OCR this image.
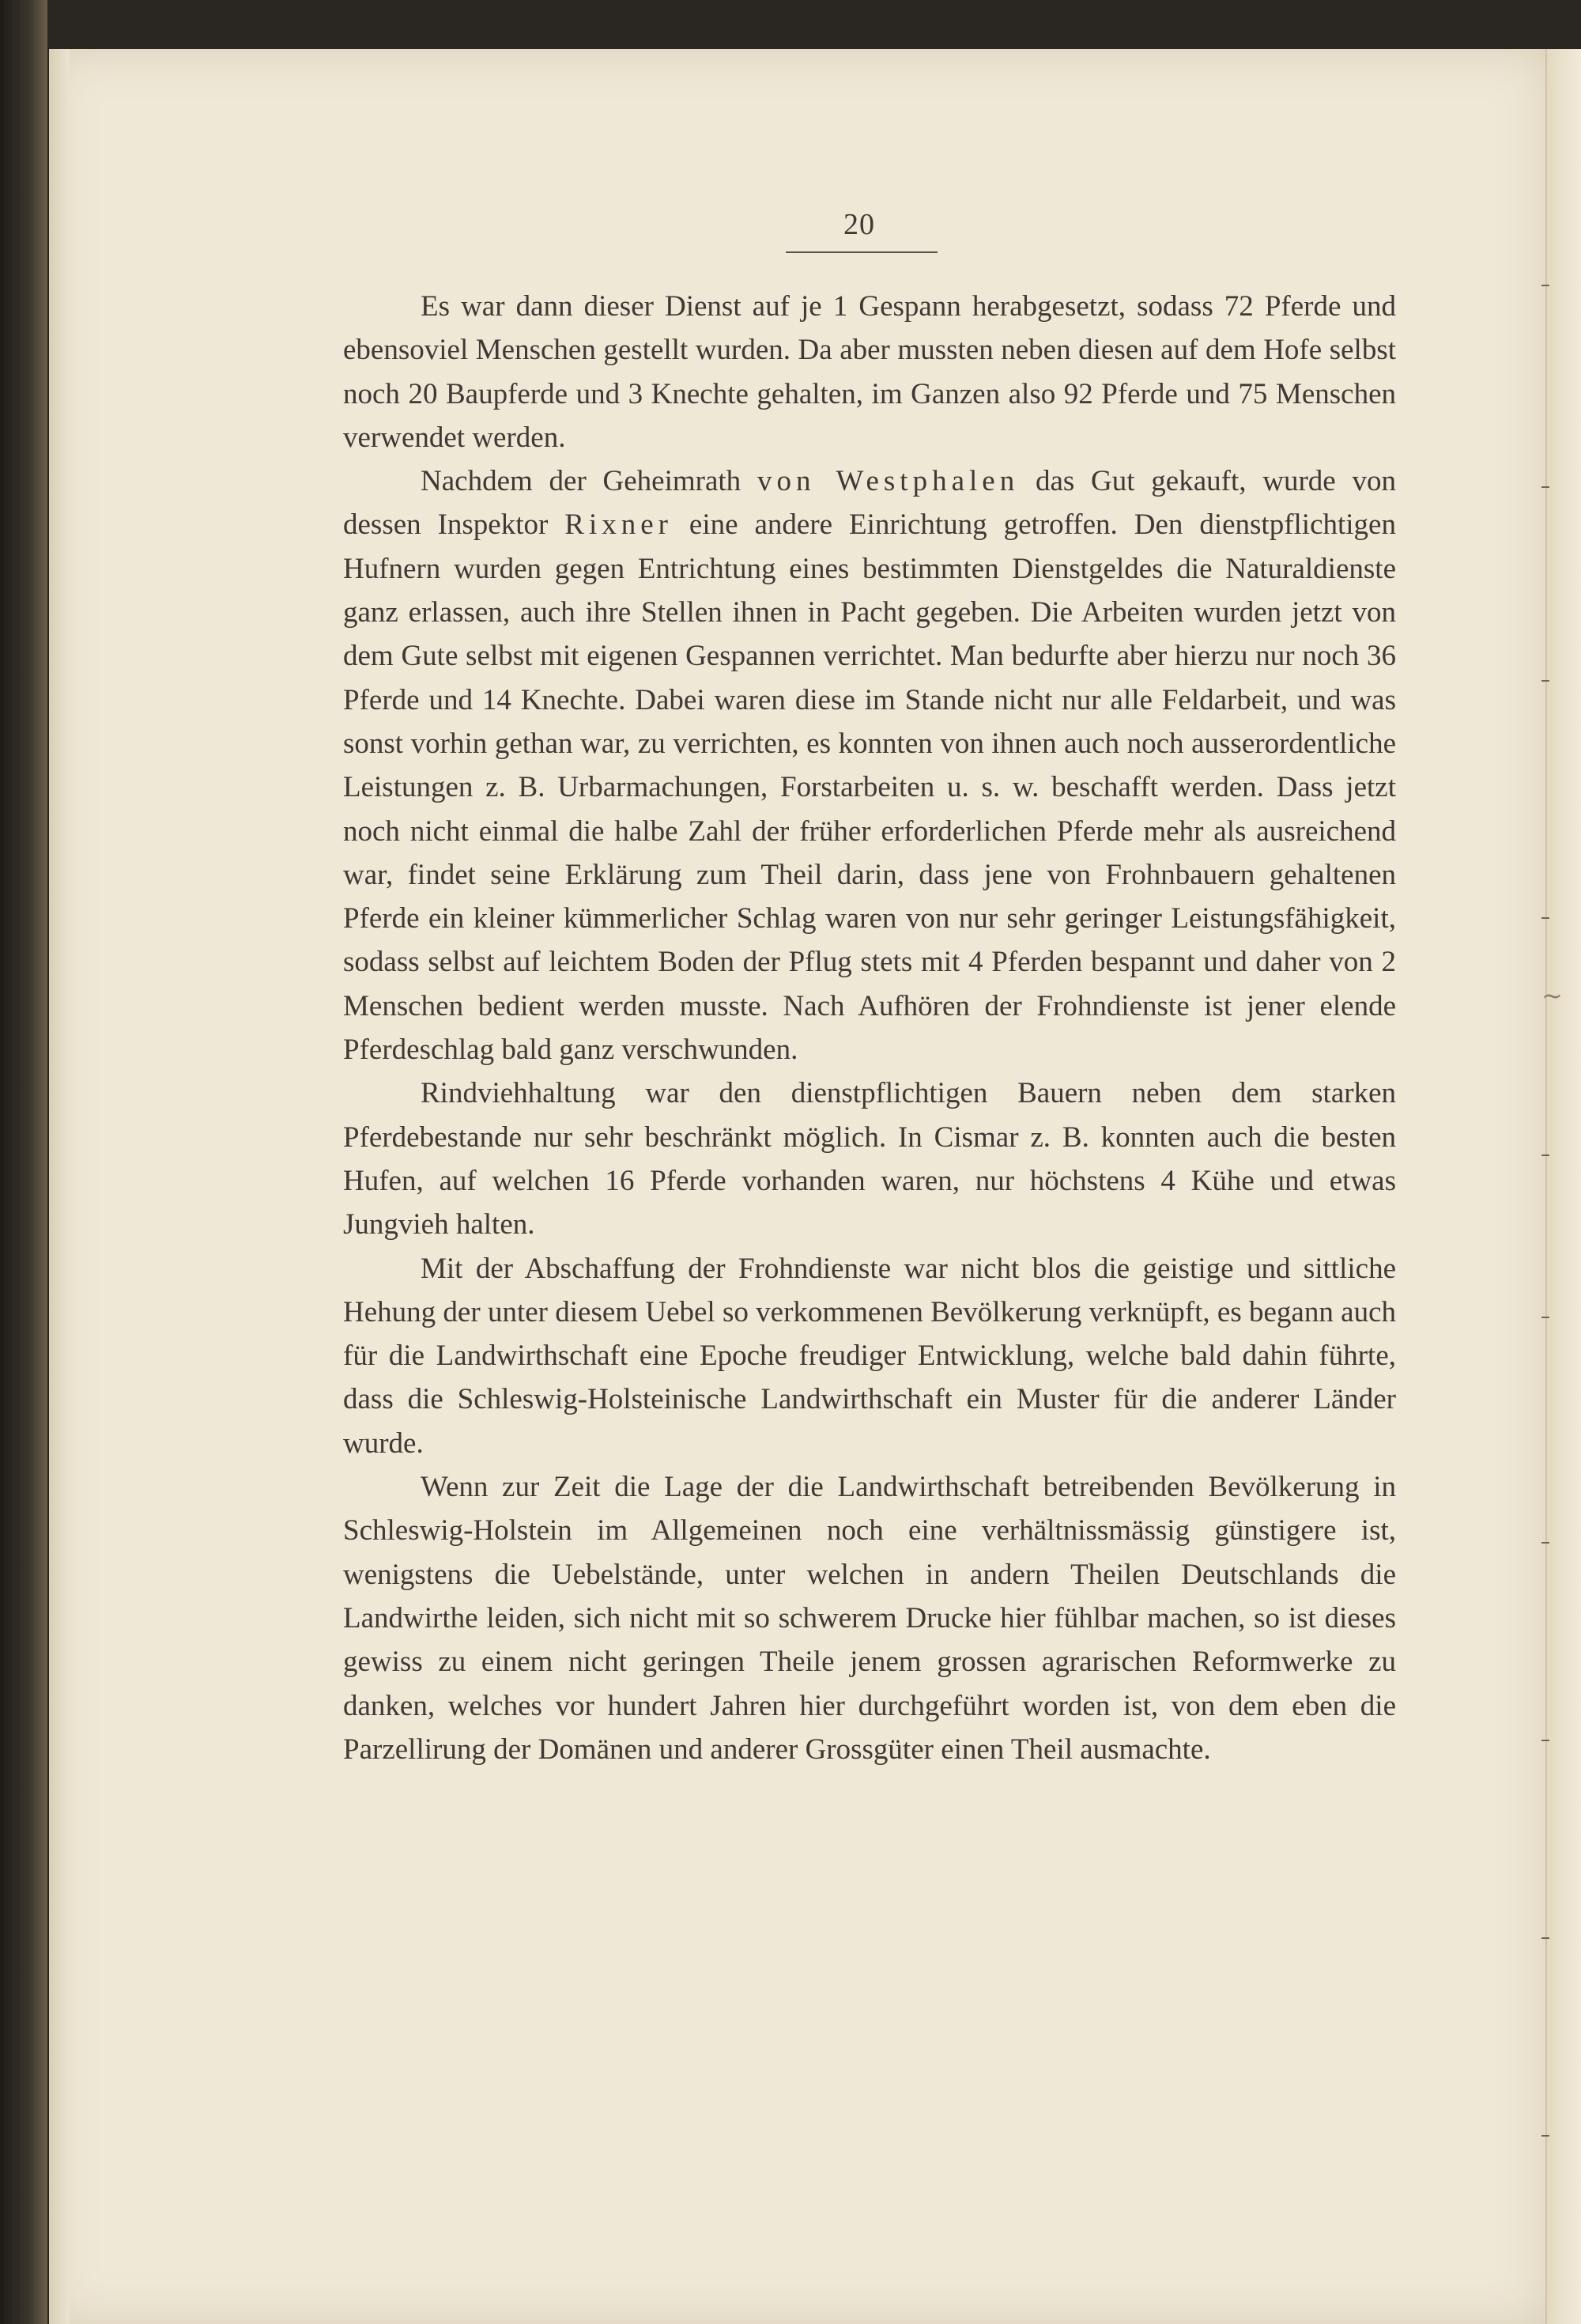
20

Es war dann dieser Dienst auf je 1 Gespann herabgesetzt, sodass 72 Pferde und ebensoviel Menschen gestellt wurden. Da aber mussten neben diesen auf dem Hofe selbst noch 20 Baupferde und 3 Knechte gehalten, im Ganzen also 92 Pferde und 75 Menschen verwendet werden.

Nachdem der Geheimrath von Westphalen das Gut gekauft, wurde von dessen Inspektor Rixner eine andere Einrichtung getroffen. Den dienstpflichtigen Hufnern wurden gegen Entrichtung eines bestimmten Dienstgeldes die Naturaldienste ganz erlassen, auch ihre Stellen ihnen in Pacht gegeben. Die Arbeiten wurden jetzt von dem Gute selbst mit eigenen Gespannen verrichtet. Man bedurfte aber hierzu nur noch 36 Pferde und 14 Knechte. Dabei waren diese im Stande nicht nur alle Feldarbeit, und was sonst vorhin gethan war, zu verrichten, es konnten von ihnen auch noch ausserordentliche Leistungen z. B. Urbarmachungen, Forstarbeiten u. s. w. beschafft werden. Dass jetzt noch nicht einmal die halbe Zahl der früher erforderlichen Pferde mehr als ausreichend war, findet seine Erklärung zum Theil darin, dass jene von Frohnbauern gehaltenen Pferde ein kleiner kümmerlicher Schlag waren von nur sehr geringer Leistungsfähigkeit, sodass selbst auf leichtem Boden der Pflug stets mit 4 Pferden bespannt und daher von 2 Menschen bedient werden musste. Nach Aufhören der Frohndienste ist jener elende Pferdeschlag bald ganz verschwunden.

Rindviehhaltung war den dienstpflichtigen Bauern neben dem starken Pferdebestande nur sehr beschränkt möglich. In Cismar z. B. konnten auch die besten Hufen, auf welchen 16 Pferde vorhanden waren, nur höchstens 4 Kühe und etwas Jungvieh halten.

Mit der Abschaffung der Frohndienste war nicht blos die geistige und sittliche Hehung der unter diesem Uebel so verkommenen Bevölkerung verknüpft, es begann auch für die Landwirthschaft eine Epoche freudiger Entwicklung, welche bald dahin führte, dass die Schleswig-Holsteinische Landwirthschaft ein Muster für die anderer Länder wurde.

Wenn zur Zeit die Lage der die Landwirthschaft betreibenden Bevölkerung in Schleswig-Holstein im Allgemeinen noch eine verhältnissmässig günstigere ist, wenigstens die Uebelstände, unter welchen in andern Theilen Deutschlands die Landwirthe leiden, sich nicht mit so schwerem Drucke hier fühlbar machen, so ist dieses gewiss zu einem nicht geringen Theile jenem grossen agrarischen Reformwerke zu danken, welches vor hundert Jahren hier durchgeführt worden ist, von dem eben die Parzellirung der Domänen und anderer Grossgüter einen Theil ausmachte.

~
